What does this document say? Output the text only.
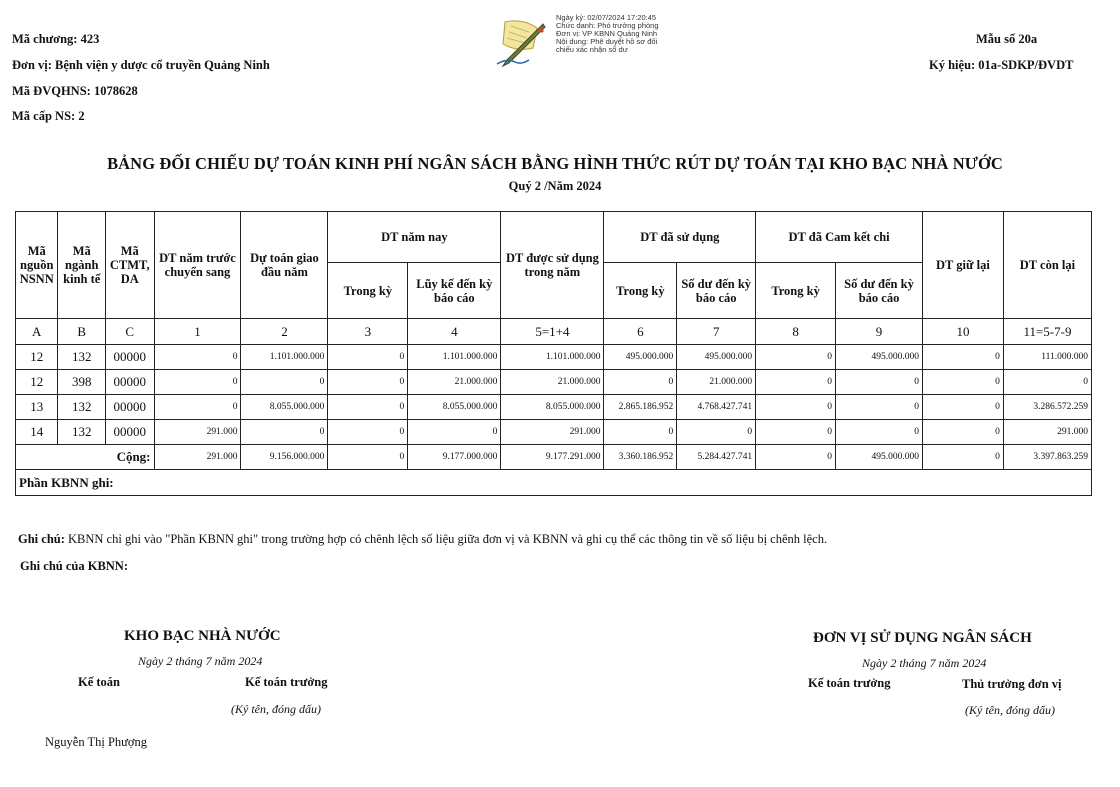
Mã chương: 423
Đơn vị: Bệnh viện y dược cổ truyền Quảng Ninh
Mã ĐVQHNS: 1078628
Mã cấp NS: 2
Ngày ký: 02/07/2024 17:20:45
Chức danh: Phó trưởng phòng
Đơn vị: VP KBNN Quảng Ninh
Nội dung: Phê duyệt hồ sơ đối
chiếu xác nhận số dư
Mẫu số 20a
Ký hiệu: 01a-SDKP/ĐVDT
BẢNG ĐỐI CHIẾU DỰ TOÁN KINH PHÍ NGÂN SÁCH BẰNG HÌNH THỨC RÚT DỰ TOÁN TẠI KHO BẠC NHÀ NƯỚC
Quý 2 /Năm 2024
Mã nguồn NSNN	Mã ngành kinh tế	Mã CTMT, DA	DT năm trước chuyển sang	Dự toán giao đầu năm	DT năm nay		DT được sử dụng trong năm	DT đã sử dụng		DT đã Cam kết chi		DT giữ lại	DT còn lại
					Trong kỳ	Lũy kế đến kỳ báo cáo		Trong kỳ	Số dư đến kỳ báo cáo	Trong kỳ	Số dư đến kỳ báo cáo		
A	B	C	1	2	3	4	5=1+4	6	7	8	9	10	11=5-7-9
12	132	00000	0	1.101.000.000	0	1.101.000.000	1.101.000.000	495.000.000	495.000.000	0	495.000.000	0	111.000.000
12	398	00000	0	0	0	21.000.000	21.000.000	0	21.000.000	0	0	0	0
13	132	00000	0	8.055.000.000	0	8.055.000.000	8.055.000.000	2.865.186.952	4.768.427.741	0	0	0	3.286.572.259
14	132	00000	291.000	0	0	0	291.000	0	0	0	0	0	291.000
Cộng:			291.000	9.156.000.000	0	9.177.000.000	9.177.291.000	3.360.186.952	5.284.427.741	0	495.000.000	0	3.397.863.259
Phần KBNN ghi:													
Ghi chú: KBNN chỉ ghi vào "Phần KBNN ghi" trong trường hợp có chênh lệch số liệu giữa đơn vị và KBNN và ghi cụ thể các thông tin về số liệu bị chênh lệch.
Ghi chú của KBNN:
KHO BẠC NHÀ NƯỚC
Ngày 2 tháng 7 năm 2024
Kế toán	Kế toán trưởng
(Ký tên, đóng dấu)
Nguyễn Thị Phượng
ĐƠN VỊ SỬ DỤNG NGÂN SÁCH
Ngày 2 tháng 7 năm 2024
Kế toán trưởng	Thủ trưởng đơn vị
(Ký tên, đóng dấu)
